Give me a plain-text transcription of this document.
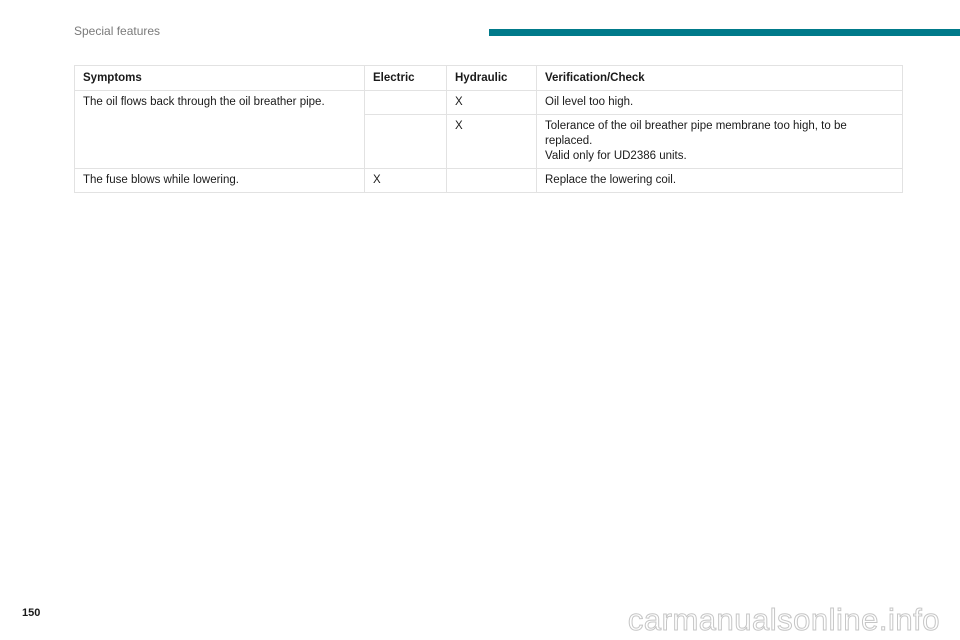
Special features
Symptoms	Electric	Hydraulic	Verification/Check
The oil flows back through the oil breather pipe.		X	Oil level too high.
		X	Tolerance of the oil breather pipe membrane too high, to be
replaced.
Valid only for UD2386 units.
The fuse blows while lowering.	X		Replace the lowering coil.
150	carmanualsonline.info
